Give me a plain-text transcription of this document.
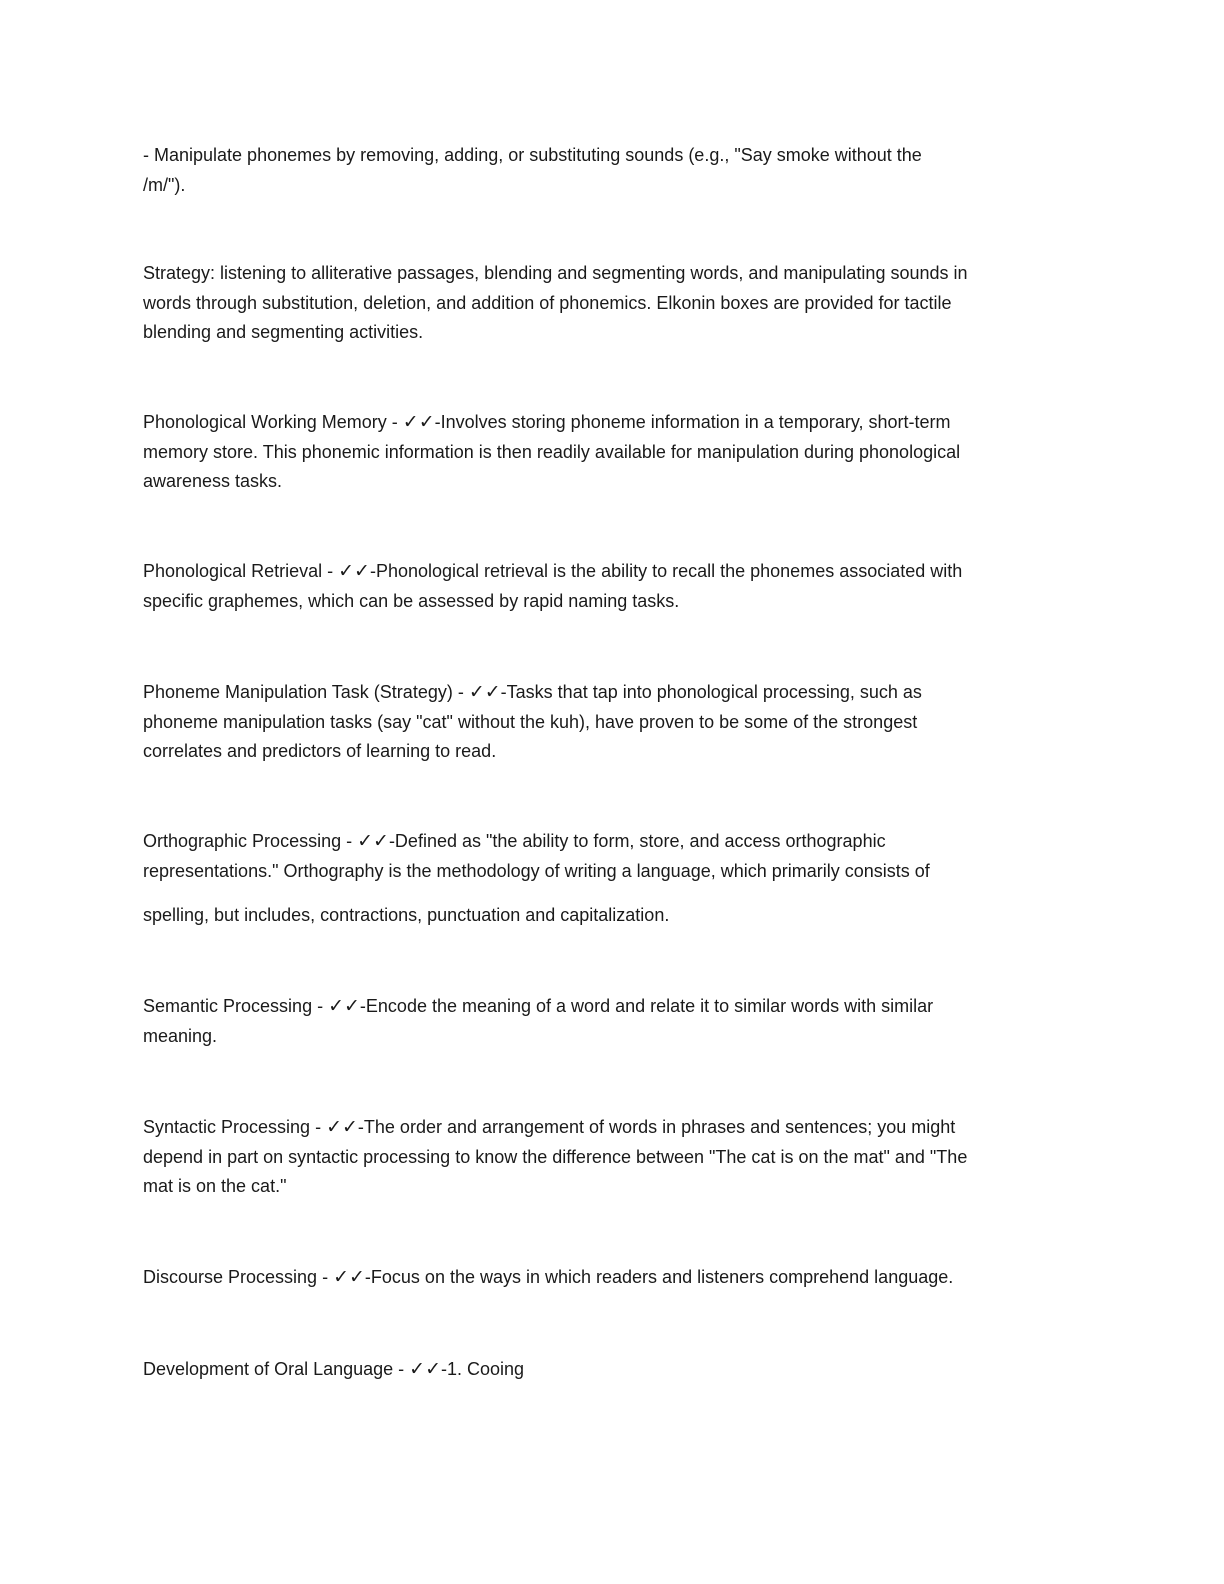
- Manipulate phonemes by removing, adding, or substituting sounds (e.g., "Say smoke without the
/m/").

Strategy: listening to alliterative passages, blending and segmenting words, and manipulating sounds in
words through substitution, deletion, and addition of phonemics. Elkonin boxes are provided for tactile
blending and segmenting activities.

Phonological Working Memory - ✓✓-Involves storing phoneme information in a temporary, short-term
memory store. This phonemic information is then readily available for manipulation during phonological
awareness tasks.

Phonological Retrieval - ✓✓-Phonological retrieval is the ability to recall the phonemes associated with
specific graphemes, which can be assessed by rapid naming tasks.

Phoneme Manipulation Task (Strategy) - ✓✓-Tasks that tap into phonological processing, such as
phoneme manipulation tasks (say "cat" without the kuh), have proven to be some of the strongest
correlates and predictors of learning to read.

Orthographic Processing - ✓✓-Defined as "the ability to form, store, and access orthographic
representations." Orthography is the methodology of writing a language, which primarily consists of
spelling, but includes, contractions, punctuation and capitalization.

Semantic Processing - ✓✓-Encode the meaning of a word and relate it to similar words with similar
meaning.

Syntactic Processing - ✓✓-The order and arrangement of words in phrases and sentences; you might
depend in part on syntactic processing to know the difference between "The cat is on the mat" and "The
mat is on the cat."

Discourse Processing - ✓✓-Focus on the ways in which readers and listeners comprehend language.

Development of Oral Language - ✓✓-1. Cooing
